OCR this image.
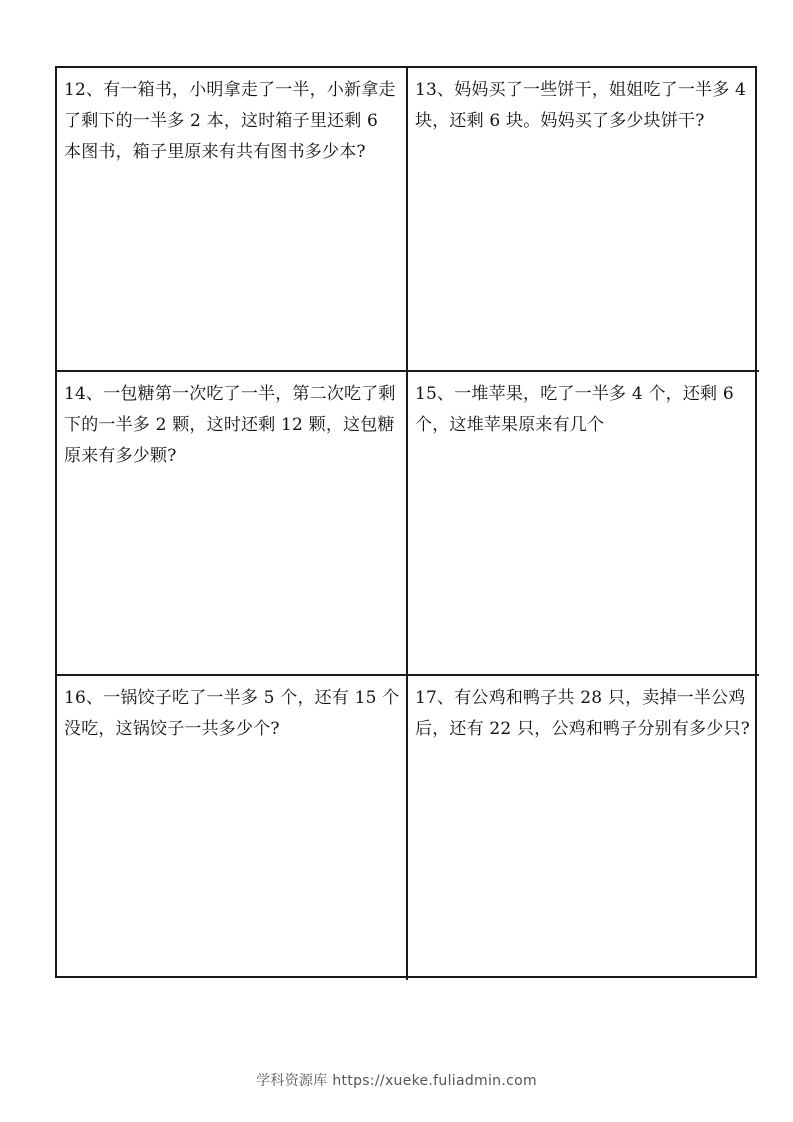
12、有一箱书，小明拿走了一半，小新拿走了剩下的一半多 2 本，这时箱子里还剩 6 本图书，箱子里原来有共有图书多少本?

13、妈妈买了一些饼干，姐姐吃了一半多 4 块，还剩 6 块。妈妈买了多少块饼干?

14、一包糖第一次吃了一半，第二次吃了剩下的一半多 2 颗，这时还剩 12 颗，这包糖原来有多少颗?

15、一堆苹果，吃了一半多 4 个，还剩 6 个，这堆苹果原来有几个

16、一锅饺子吃了一半多 5 个，还有 15 个没吃，这锅饺子一共多少个?

17、有公鸡和鸭子共 28 只，卖掉一半公鸡后，还有 22 只，公鸡和鸭子分别有多少只?

学科资源库 https://xueke.fuliadmin.com
